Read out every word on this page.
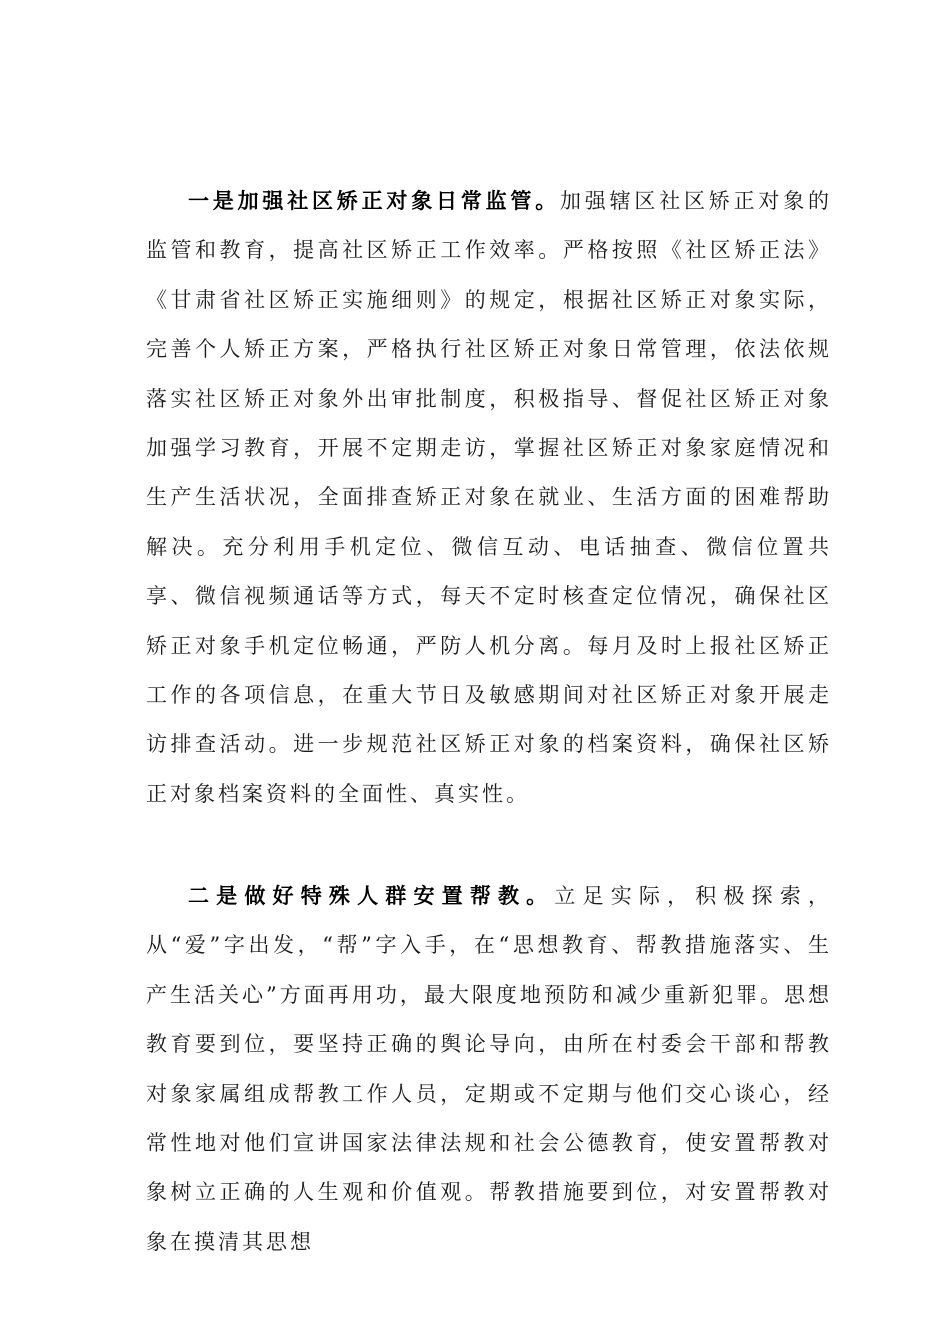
一是加强社区矫正对象日常监管。加强辖区社区矫正对象的监管和教育，提高社区矫正工作效率。严格按照《社区矫正法》《甘肃省社区矫正实施细则》的规定，根据社区矫正对象实际，完善个人矫正方案，严格执行社区矫正对象日常管理，依法依规落实社区矫正对象外出审批制度，积极指导、督促社区矫正对象加强学习教育，开展不定期走访，掌握社区矫正对象家庭情况和生产生活状况，全面排查矫正对象在就业、生活方面的困难帮助解决。充分利用手机定位、微信互动、电话抽查、微信位置共享、微信视频通话等方式，每天不定时核查定位情况，确保社区矫正对象手机定位畅通，严防人机分离。每月及时上报社区矫正工作的各项信息，在重大节日及敏感期间对社区矫正对象开展走访排查活动。进一步规范社区矫正对象的档案资料，确保社区矫正对象档案资料的全面性、真实性。

二是做好特殊人群安置帮教。立足实际，积极探索，从“爱”字出发，“帮”字入手，在“思想教育、帮教措施落实、生产生活关心”方面再用功，最大限度地预防和减少重新犯罪。思想教育要到位，要坚持正确的舆论导向，由所在村委会干部和帮教对象家属组成帮教工作人员，定期或不定期与他们交心谈心，经常性地对他们宣讲国家法律法规和社会公德教育，使安置帮教对象树立正确的人生观和价值观。帮教措施要到位，对安置帮教对象在摸清其思想
